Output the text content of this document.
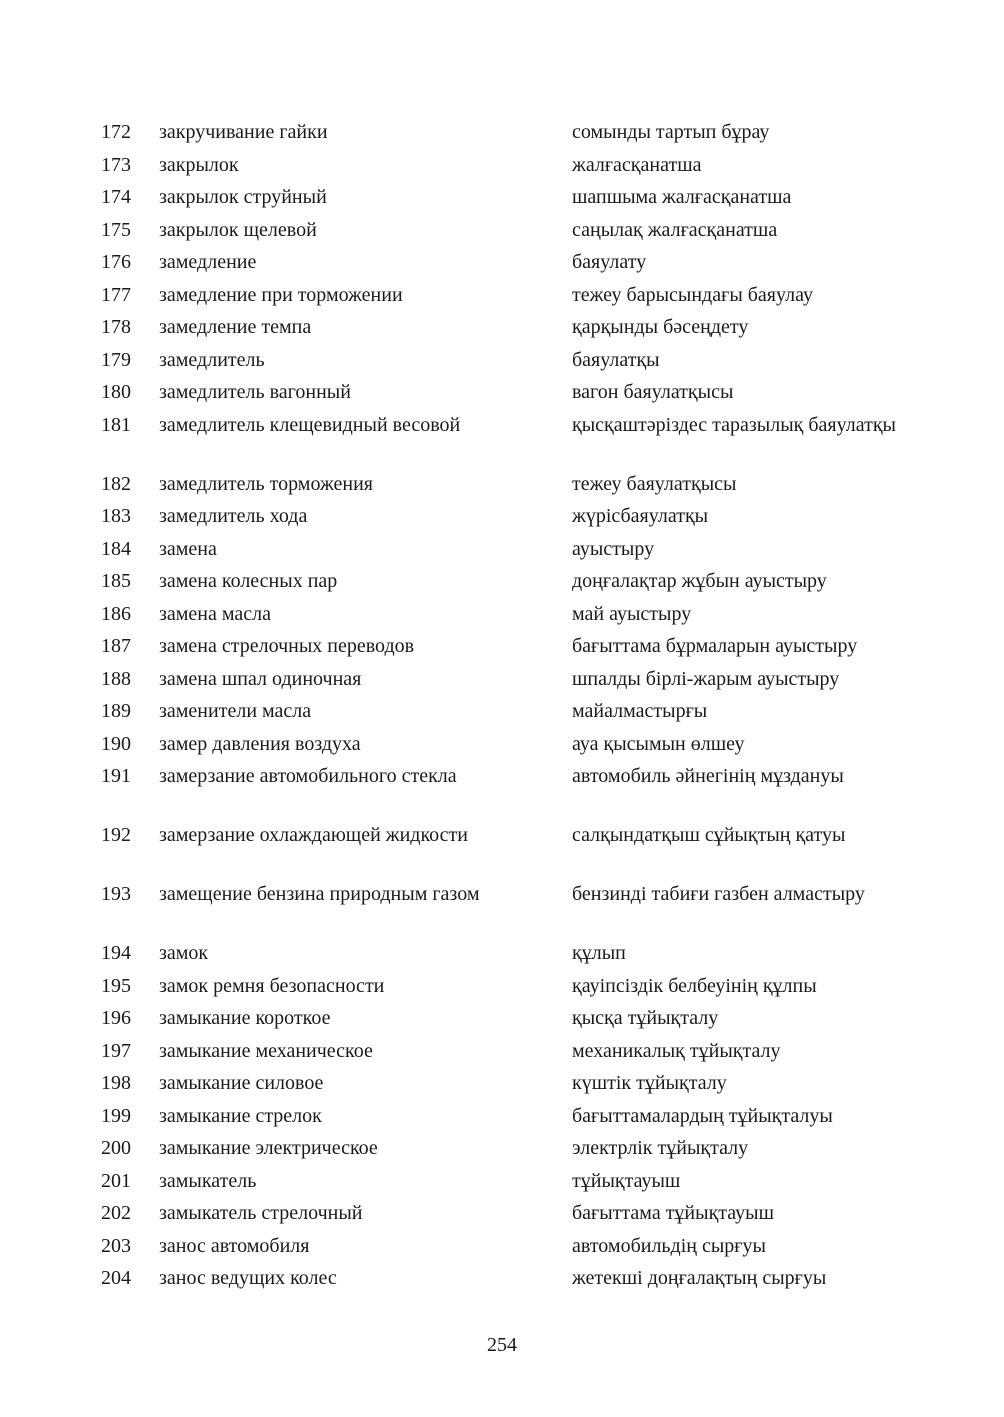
172	закручивание гайки	сомынды тартып бұрау
173	закрылок	жалғасқанатша
174	закрылок струйный	шапшыма жалғасқанатша
175	закрылок щелевой	саңылақ жалғасқанатша
176	замедление	баяулату
177	замедление при торможении	тежеу барысындағы баяулау
178	замедление темпа	қарқынды бәсеңдету
179	замедлитель	баяулатқы
180	замедлитель вагонный	вагон баяулатқысы
181	замедлитель клещевидный весовой	қысқаштәріздес таразылық баяулатқы
182	замедлитель торможения	тежеу баяулатқысы
183	замедлитель хода	жүрісбаяулатқы
184	замена	ауыстыру
185	замена колесных пар	доңғалақтар жұбын ауыстыру
186	замена масла	май ауыстыру
187	замена стрелочных переводов	бағыттама бұрмаларын ауыстыру
188	замена шпал одиночная	шпалды бірлі-жарым ауыстыру
189	заменители масла	майалмастырғы
190	замер давления воздуха	ауа қысымын өлшеу
191	замерзание автомобильного стекла	автомобиль әйнегінің мұздануы
192	замерзание охлаждающей жидкости	салқындатқыш сұйықтың қатуы
193	замещение бензина природным газом	бензинді табиғи газбен алмастыру
194	замок	құлып
195	замок ремня безопасности	қауіпсіздік белбеуінің құлпы
196	замыкание короткое	қысқа тұйықталу
197	замыкание механическое	механикалық тұйықталу
198	замыкание силовое	күштік тұйықталу
199	замыкание стрелок	бағыттамалардың тұйықталуы
200	замыкание электрическое	электрлік тұйықталу
201	замыкатель	тұйықтауыш
202	замыкатель стрелочный	бағыттама тұйықтауыш
203	занос автомобиля	автомобильдің сырғуы
204	занос ведущих колес	жетекші доңғалақтың сырғуы
254
